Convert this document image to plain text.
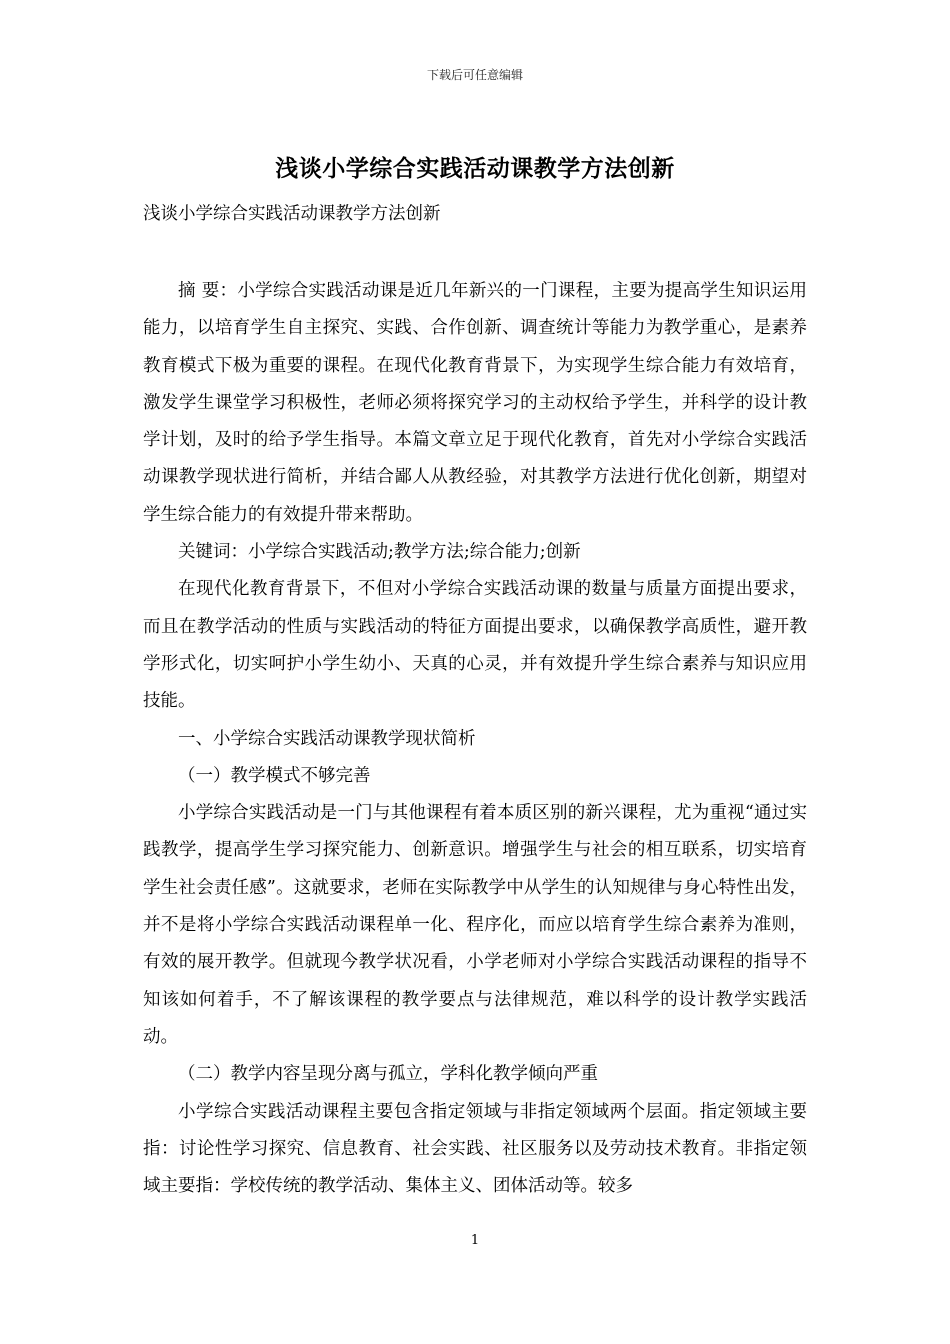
下载后可任意编辑
浅谈小学综合实践活动课教学方法创新

浅谈小学综合实践活动课教学方法创新

摘 要：小学综合实践活动课是近几年新兴的一门课程，主要为提高学生知识运用能力，以培育学生自主探究、实践、合作创新、调查统计等能力为教学重心，是素养教育模式下极为重要的课程。在现代化教育背景下，为实现学生综合能力有效培育，激发学生课堂学习积极性，老师必须将探究学习的主动权给予学生，并科学的设计教学计划，及时的给予学生指导。本篇文章立足于现代化教育，首先对小学综合实践活动课教学现状进行简析，并结合鄙人从教经验，对其教学方法进行优化创新，期望对学生综合能力的有效提升带来帮助。

关键词：小学综合实践活动;教学方法;综合能力;创新

在现代化教育背景下，不但对小学综合实践活动课的数量与质量方面提出要求，而且在教学活动的性质与实践活动的特征方面提出要求，以确保教学高质性，避开教学形式化，切实呵护小学生幼小、天真的心灵，并有效提升学生综合素养与知识应用技能。

一、小学综合实践活动课教学现状简析

（一）教学模式不够完善

小学综合实践活动是一门与其他课程有着本质区别的新兴课程，尤为重视“通过实践教学，提高学生学习探究能力、创新意识。增强学生与社会的相互联系，切实培育学生社会责任感”。这就要求，老师在实际教学中从学生的认知规律与身心特性出发，并不是将小学综合实践活动课程单一化、程序化，而应以培育学生综合素养为准则，有效的展开教学。但就现今教学状况看，小学老师对小学综合实践活动课程的指导不知该如何着手，不了解该课程的教学要点与法律规范，难以科学的设计教学实践活动。

（二）教学内容呈现分离与孤立，学科化教学倾向严重

小学综合实践活动课程主要包含指定领域与非指定领域两个层面。指定领域主要指：讨论性学习探究、信息教育、社会实践、社区服务以及劳动技术教育。非指定领域主要指：学校传统的教学活动、集体主义、团体活动等。较多

1
